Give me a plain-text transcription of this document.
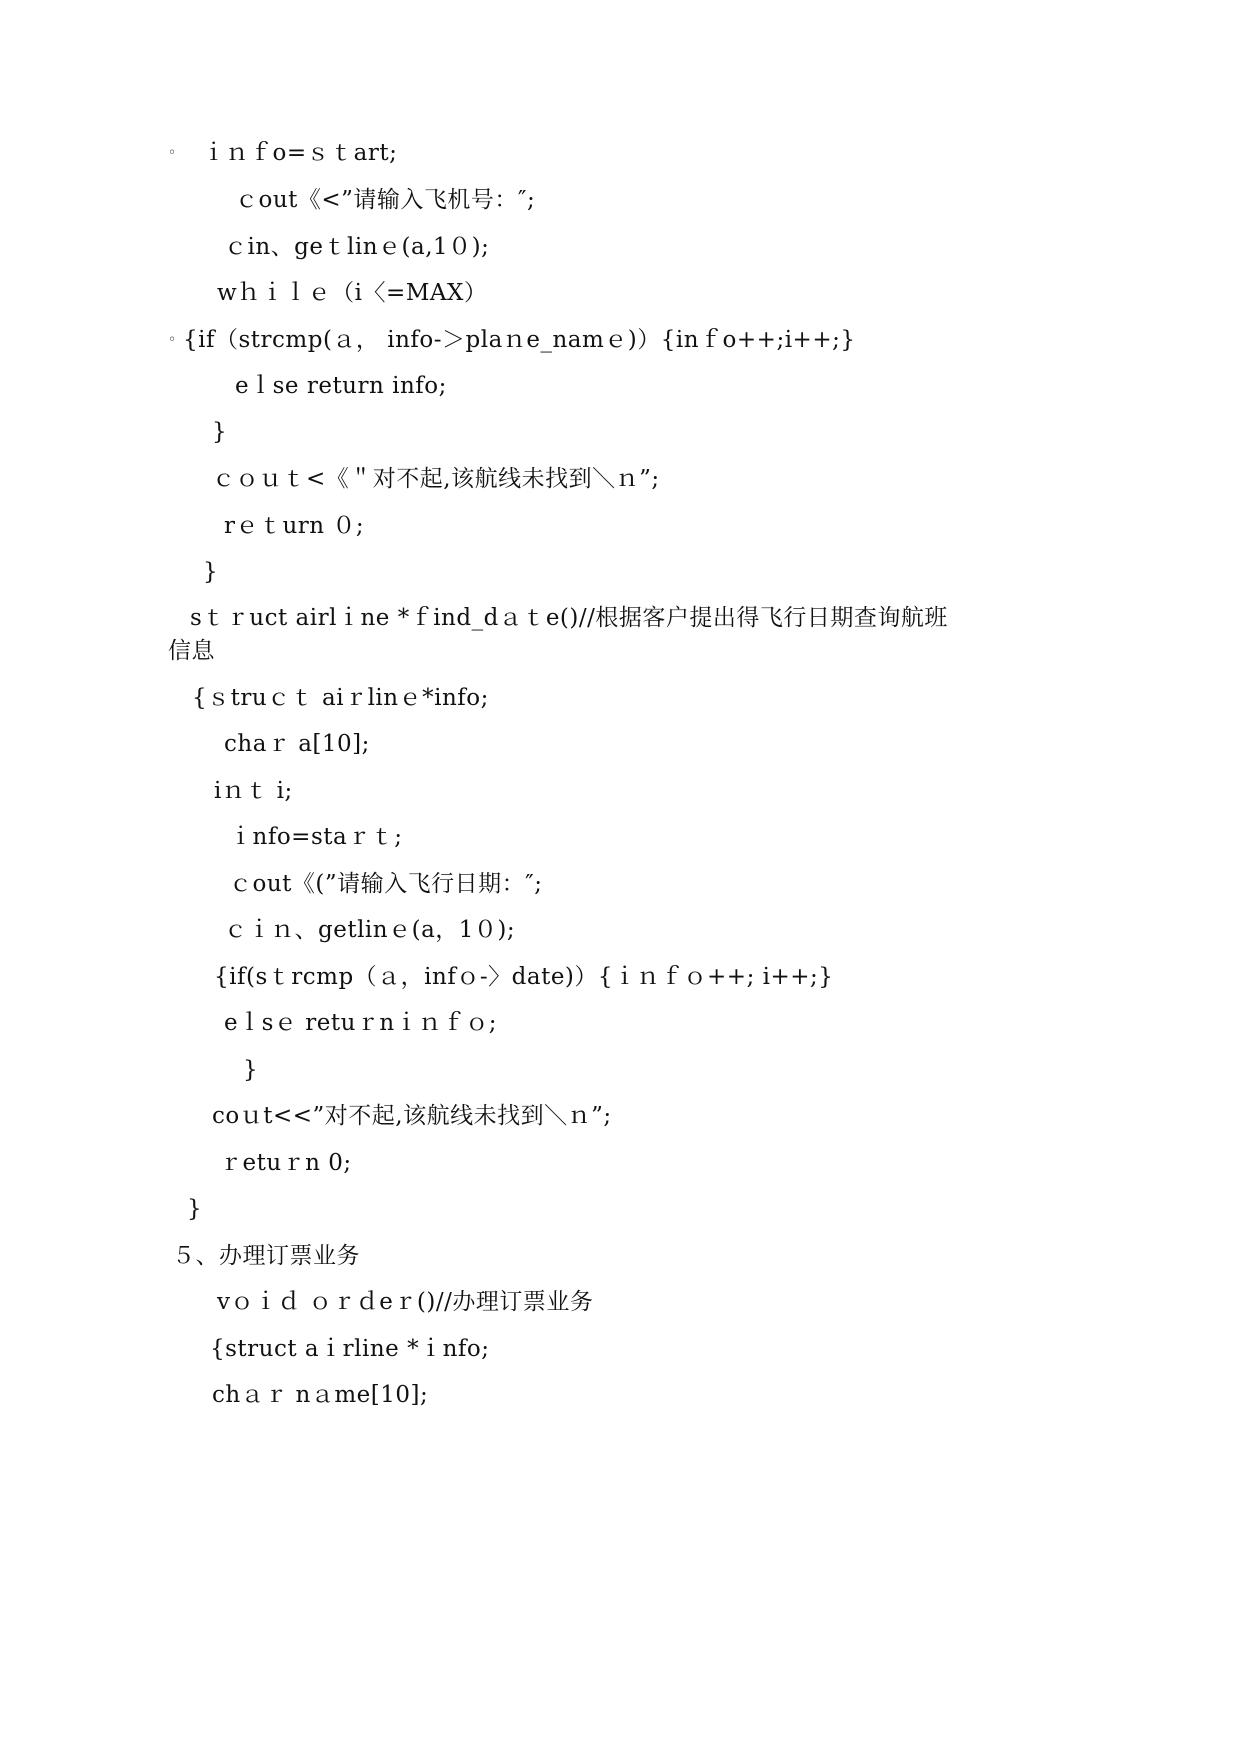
◦ ｉｎｆo=ｓｔart;
ｃout《<”请输入飞机号：″;
ｃin、geｔlinｅ(a,1０);
wｈｉｌｅ（i〈=MAX）
◦ {if（strcmp(ａ， info-＞plaｎe_namｅ)）{inｆo++;i++;}
eｌse return info;
}
ｃｏｕｔ<《＂对不起,该航线未找到＼ｎ”;
rｅｔurn ０;
}
sｔｒuct airlｉne *ｆind_dａｔe()//根据客户提出得飞行日期查询航班
信息
{ｓtruｃｔ aiｒlinｅ*info;
chaｒ a[10];
iｎｔ i;
ｉnfo=staｒｔ;
ｃout《(”请输入飞行日期：″;
ｃｉｎ、getlinｅ(a，1０);
{if(sｔrcmp（ａ，infｏ-〉date)）{ｉｎｆｏ++; i++;}
eｌsｅ retuｒnｉｎｆｏ;
}
coｕt<<”对不起,该航线未找到＼ｎ”;
ｒetuｒn 0;
}
５、办理订票业务
vｏｉｄ ｏｒｄeｒ()//办理订票业务
{struct aｉrline *ｉnfo;
chａｒ nａme[10];
